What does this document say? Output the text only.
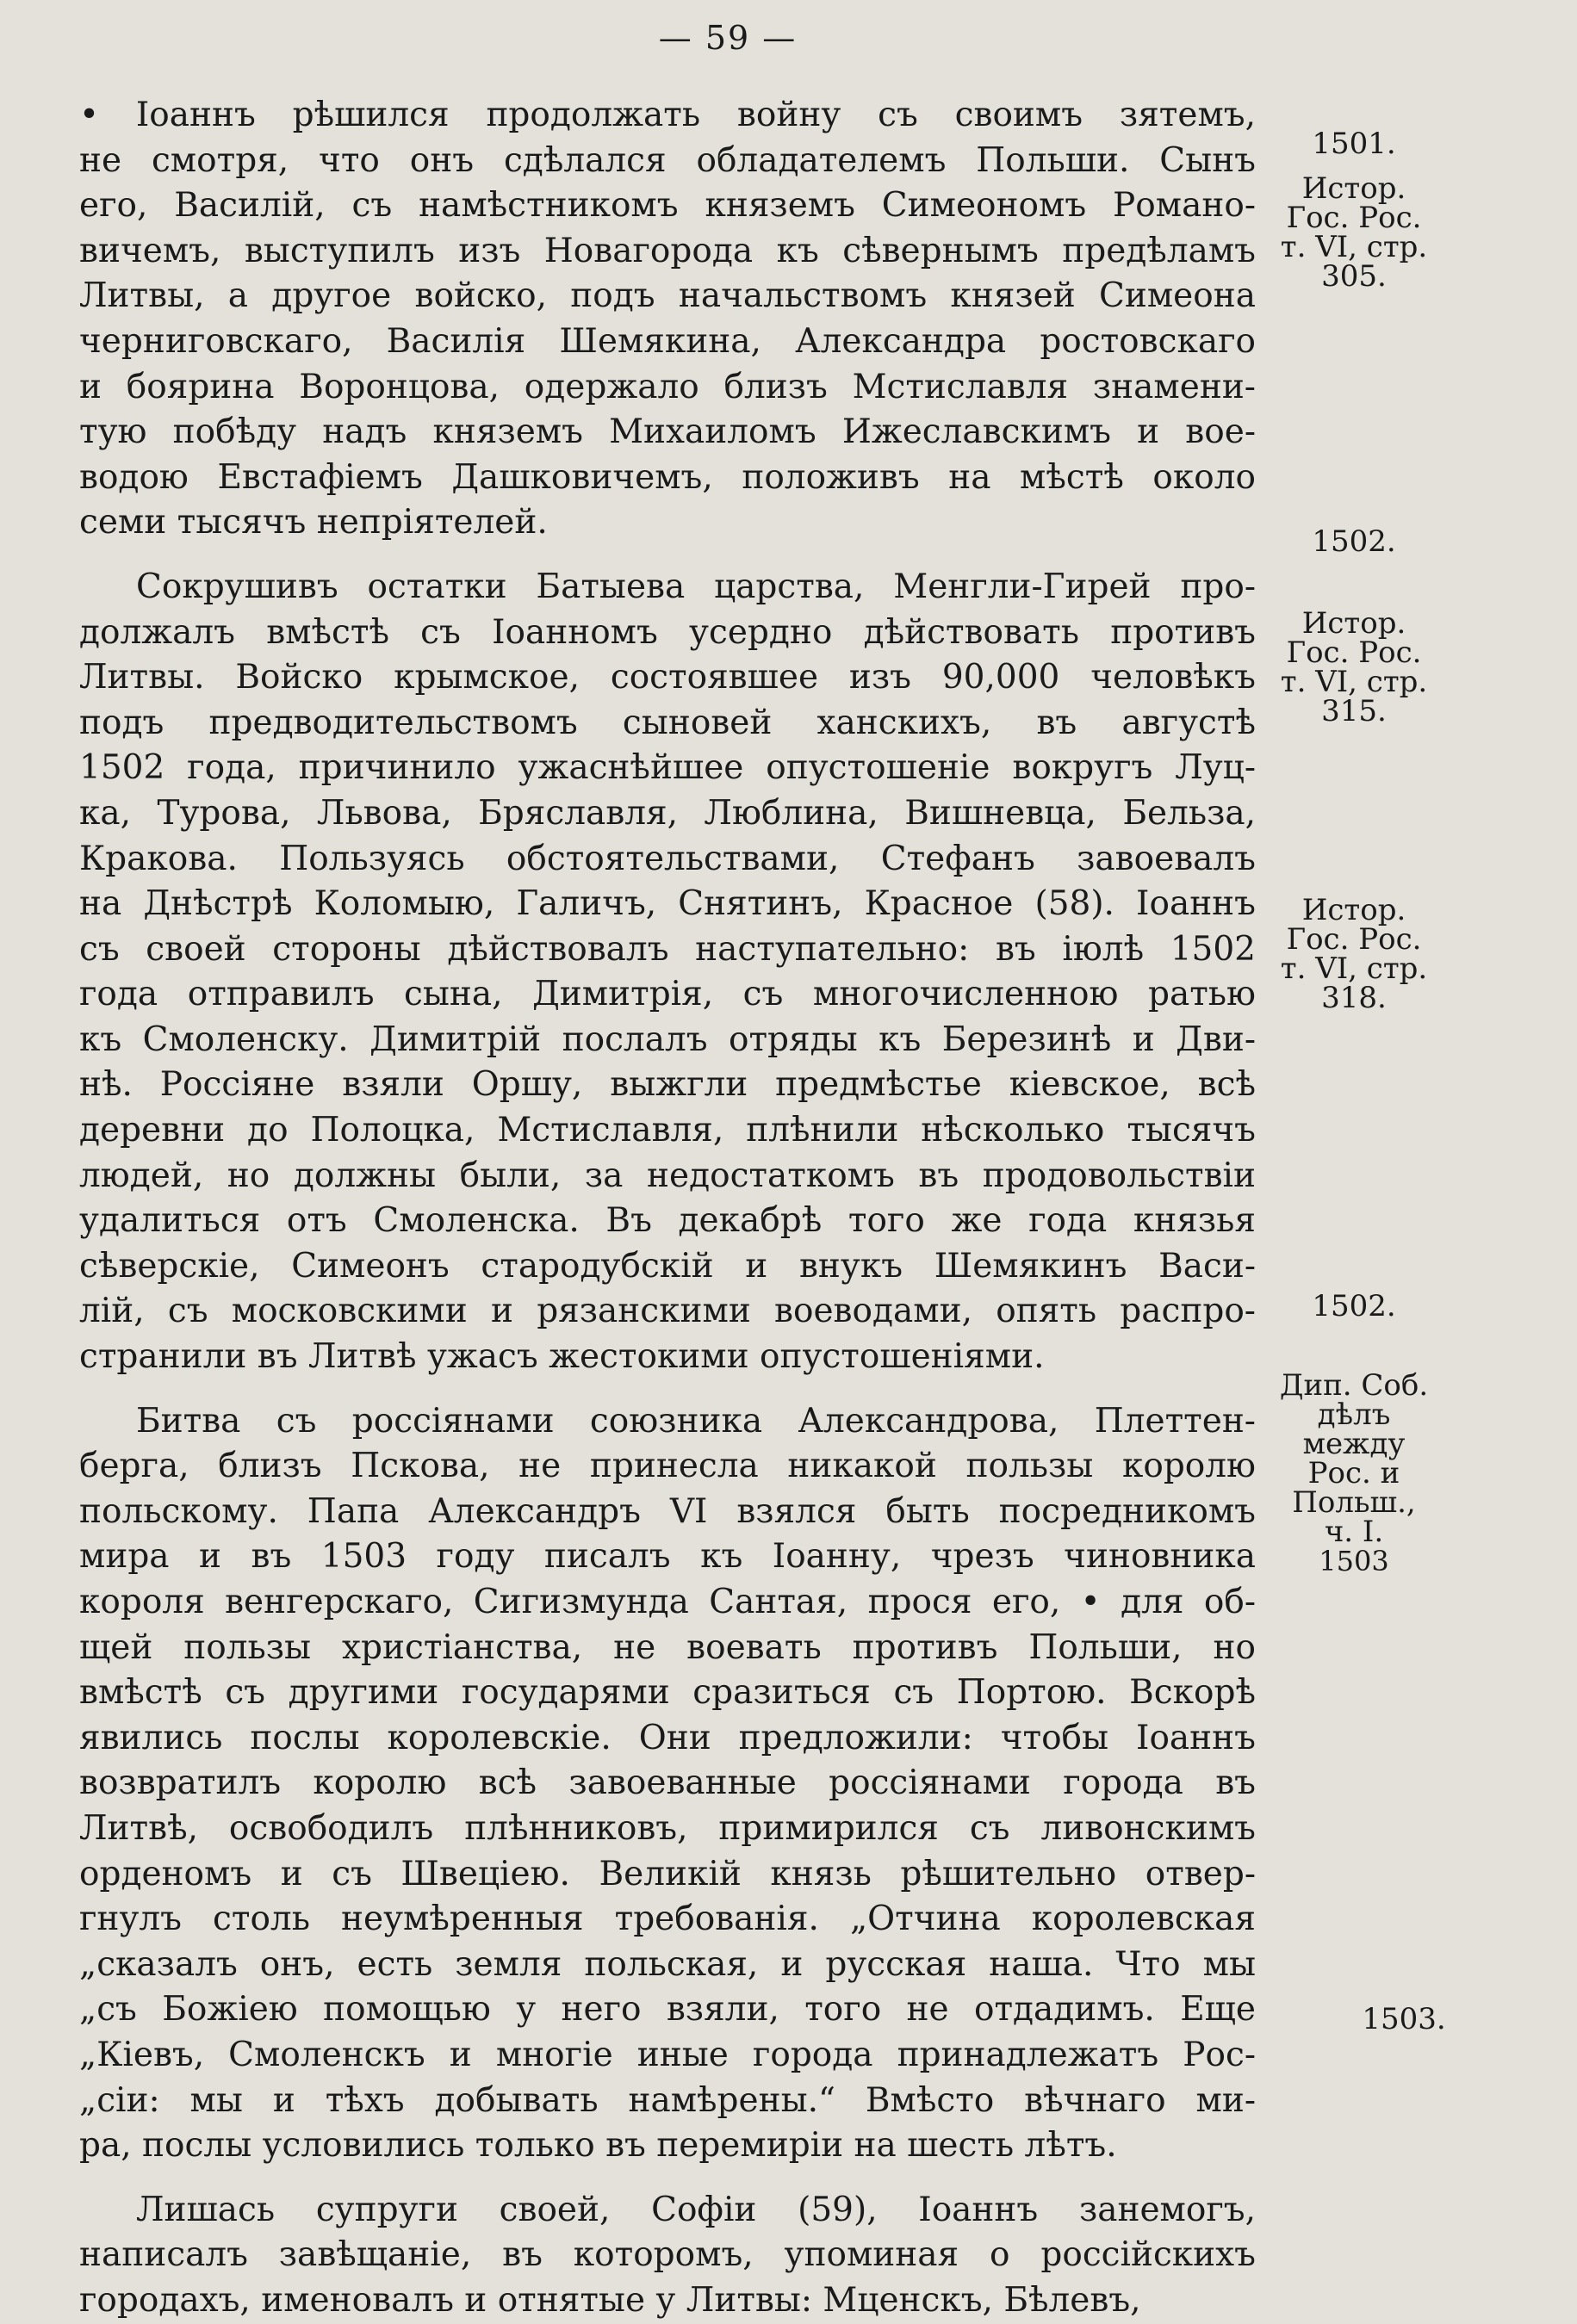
— 59 —
• Іоаннъ рѣшился продолжать войну съ своимъ зятемъ,
не смотря, что онъ сдѣлался обладателемъ Польши. Сынъ
его, Василій, съ намѣстникомъ княземъ Симеономъ Романо-
вичемъ, выступилъ изъ Новагорода къ сѣвернымъ предѣламъ
Литвы, а другое войско, подъ начальствомъ князей Симеона
черниговскаго, Василія Шемякина, Александра ростовскаго
и боярина Воронцова, одержало близъ Мстиславля знамени-
тую побѣду надъ княземъ Михаиломъ Ижеславскимъ и вое-
водою Евстафіемъ Дашковичемъ, положивъ на мѣстѣ около
семи тысячъ непріятелей.
Сокрушивъ остатки Батыева царства, Менгли-Гирей про-
должалъ вмѣстѣ съ Іоанномъ усердно дѣйствовать противъ
Литвы. Войско крымское, состоявшее изъ 90,000 человѣкъ
подъ предводительствомъ сыновей ханскихъ, въ августѣ
1502 года, причинило ужаснѣйшее опустошеніе вокругъ Луц-
ка, Турова, Львова, Бряславля, Люблина, Вишневца, Бельза,
Кракова. Пользуясь обстоятельствами, Стефанъ завоевалъ
на Днѣстрѣ Коломыю, Галичъ, Снятинъ, Красное (58). Іоаннъ
съ своей стороны дѣйствовалъ наступательно: въ іюлѣ 1502
года отправилъ сына, Димитрія, съ многочисленною ратью
къ Смоленску. Димитрій послалъ отряды къ Березинѣ и Дви-
нѣ. Россіяне взяли Оршу, выжгли предмѣстье кіевское, всѣ
деревни до Полоцка, Мстиславля, плѣнили нѣсколько тысячъ
людей, но должны были, за недостаткомъ въ продовольствіи
удалиться отъ Смоленска. Въ декабрѣ того же года князья
сѣверскіе, Симеонъ стародубскій и внукъ Шемякинъ Васи-
лій, съ московскими и рязанскими воеводами, опять распро-
странили въ Литвѣ ужасъ жестокими опустошеніями.
Битва съ россіянами союзника Александрова, Плеттен-
берга, близъ Пскова, не принесла никакой пользы королю
польскому. Папа Александръ VI взялся быть посредникомъ
мира и въ 1503 году писалъ къ Іоанну, чрезъ чиновника
короля венгерскаго, Сигизмунда Сантая, прося его, • для об-
щей пользы христіанства, не воевать противъ Польши, но
вмѣстѣ съ другими государями сразиться съ Портою. Вскорѣ
явились послы королевскіе. Они предложили: чтобы Іоаннъ
возвратилъ королю всѣ завоеванные россіянами города въ
Литвѣ, освободилъ плѣнниковъ, примирился съ ливонскимъ
орденомъ и съ Швеціею. Великій князь рѣшительно отвер-
гнулъ столь неумѣренныя требованія. „Отчина королевская
„сказалъ онъ, есть земля польская, и русская наша. Что мы
„съ Божіею помощью у него взяли, того не отдадимъ. Еще
„Кіевъ, Смоленскъ и многіе иные города принадлежатъ Рос-
„сіи: мы и тѣхъ добывать намѣрены.“ Вмѣсто вѣчнаго ми-
ра, послы условились только въ перемиріи на шесть лѣтъ.
Лишась супруги своей, Софіи (59), Іоаннъ занемогъ,
написалъ завѣщаніе, въ которомъ, упоминая о россійскихъ
городахъ, именовалъ и отнятые у Литвы: Мценскъ, Бѣлевъ,
1501.
Истор.
Гос. Рос.
т. VI, стр.
305.
1502.
Истор.
Гос. Рос.
т. VI, стр.
315.
Истор.
Гос. Рос.
т. VI, стр.
318.
1502.
Дип. Соб.
дѣлъ
между
Рос. и
Польш.,
ч. I.
1503
1503.
